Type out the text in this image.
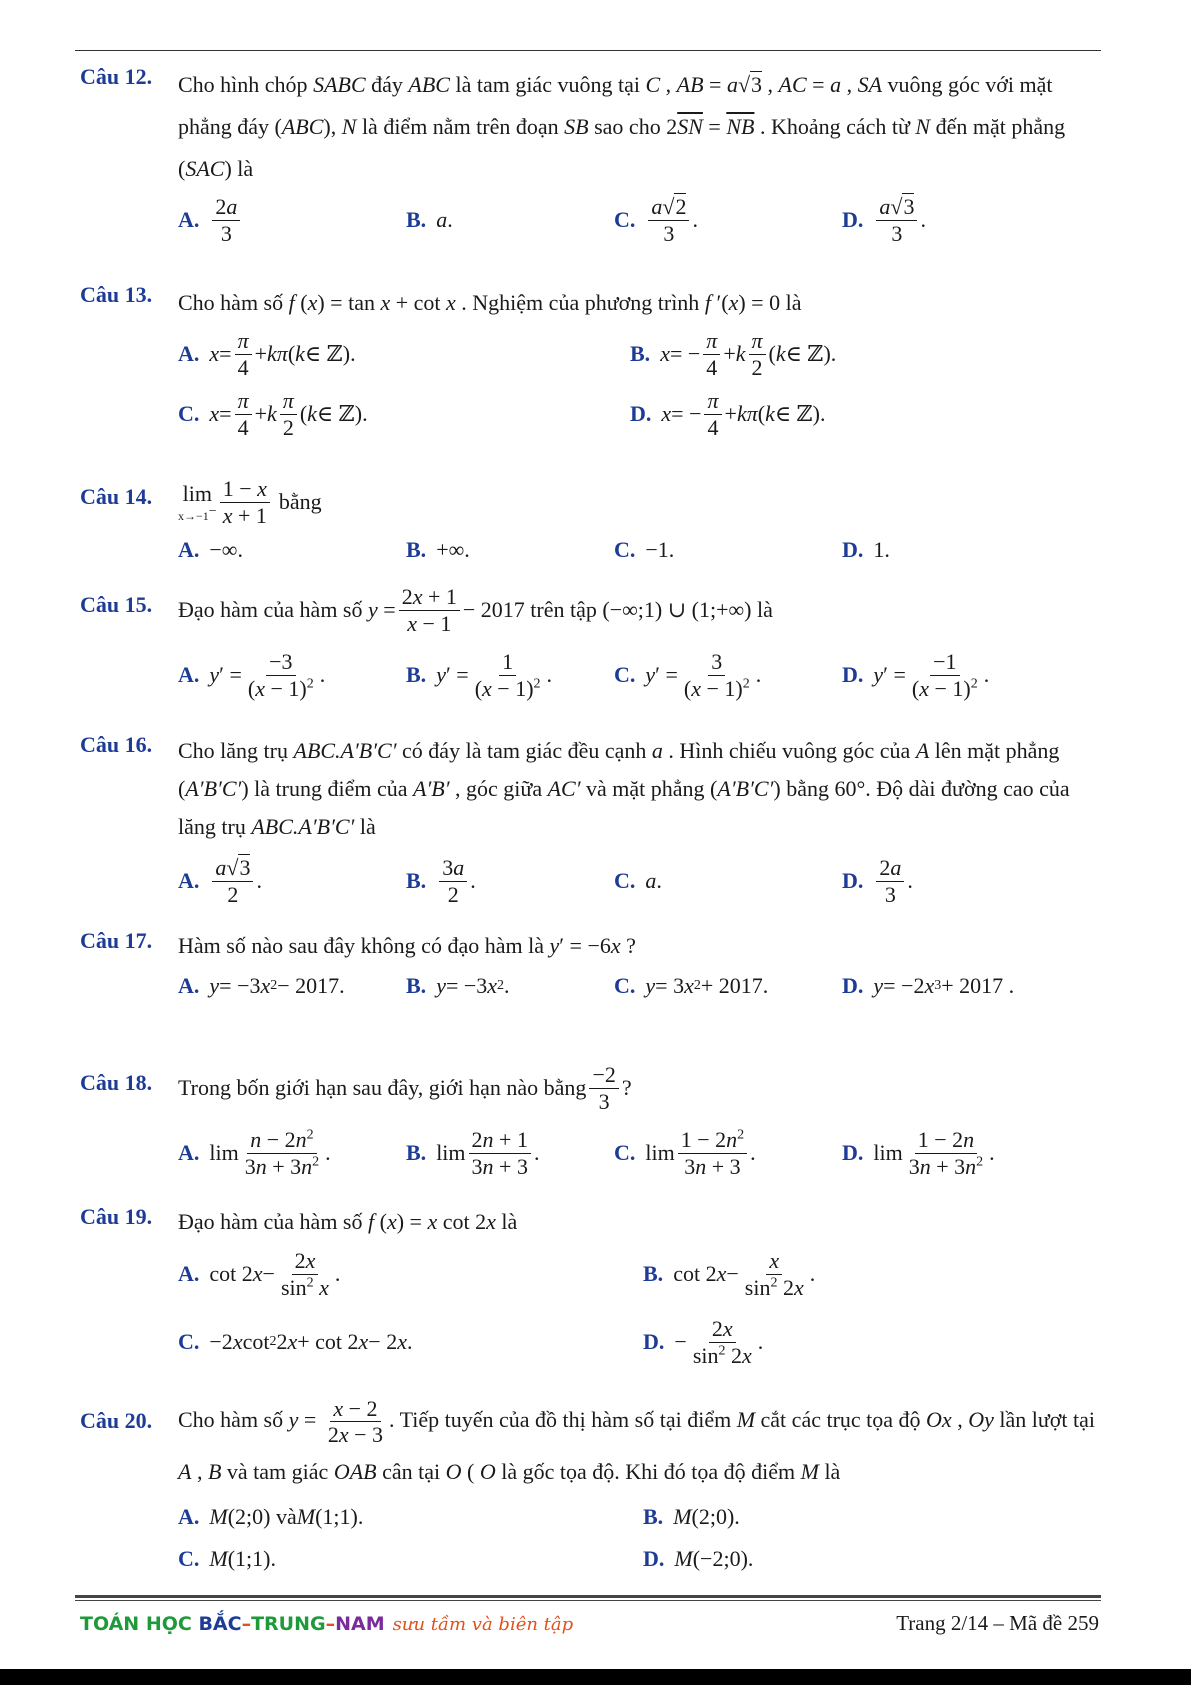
Câu 12. Cho hình chóp SABC đáy ABC là tam giác vuông tại C , AB = a√3 , AC = a , SA vuông góc với mặt phẳng đáy (ABC), N là điểm nằm trên đoạn SB sao cho $2\overline{SN} = \overline{NB}$ . Khoảng cách từ N đến mặt phẳng (SAC) là
A. $\frac{2a}{3}$	B. a .	C. $\frac{a√2}{3}$ .	D. $\frac{a√3}{3}$ .
Câu 13. Cho hàm số f (x) = tan x + cot x . Nghiệm của phương trình f ′(x) = 0 là
A. $x = \frac{\pi}{4} + k\pi$ ( k ∈ ℤ).	B. x = − $\frac{\pi}{4} + k \frac{\pi}{2}$ ( k ∈ ℤ).
C. $x = \frac{\pi}{4} + k \frac{\pi}{2}$ ( k ∈ ℤ).	D. x = − $\frac{\pi}{4} + k\pi$ ( k ∈ ℤ).
Câu 14. lim
$x\to-1^- \frac{1 - x}{x + 1}$ bằng
A. −∞.	B. +∞.	C. −1.	D. 1.
Câu 15. Đạo hàm của hàm số $y = \frac{2x + 1}{x - 1} - 2017$ trên tập (−∞;1) ∪ (1;+∞) là
A. y ′ = $\frac{-3}{(x - 1)^2}$ .	B. y ′ = $\frac{1}{(x - 1)^2}$ .	C. y ′ = $\frac{3}{(x - 1)^2}$ .	D. y ′ = $\frac{-1}{(x - 1)^2}$ .
Câu 16. Cho lăng trụ ABC.A′B′C′ có đáy là tam giác đều cạnh a . Hình chiếu vuông góc của A lên mặt phẳng (A′B′C′) là trung điểm của A′B′ , góc giữa AC′ và mặt phẳng (A′B′C′) bằng 60°. Độ dài đường cao của lăng trụ ABC.A′B′C′ là
A. $\frac{a√3}{2}$ .	B. $\frac{3a}{2}$ .	C. a .	D. $\frac{2a}{3}$ .
Câu 17. Hàm số nào sau đây không có đạo hàm là y′ = −6x ?
A. y = −3 x 2 − 2017.	B. y = −3 x 2 .	C. y = 3 x 2 + 2017.	D. y = −2 x 3 + 2017 .
Câu 18. Trong bốn giới hạn sau đây, giới hạn nào bằng $\frac{-2}{3}$ ?
A. $\lim \frac{n - 2n^2}{3n + 3n^2}$ .	B. $\lim \frac{2n + 1}{3n + 3}$ .	C. $\lim \frac{1 - 2n^2}{3n + 3}$ .	D. $\lim \frac{1 - 2n}{3n + 3n^2}$ .
Câu 19. Đạo hàm của hàm số f (x) = x cot 2x là
A. cot 2 $x - \frac{2x}{\sin^2 x}$ .	B. cot 2 $x - \frac{x}{\sin^2 2x}$ .
C. −2 x cot 2 2 x + cot 2 x − 2 x .	D. − $\frac{2x}{\sin^2 2x}$ .
Câu 20. Cho hàm số $y = \frac{x - 2}{2x - 3}$ . Tiếp tuyến của đồ thị hàm số tại điểm M cắt các trục tọa độ Ox , Oy lần lượt tại A , B và tam giác OAB cân tại O ( O là gốc tọa độ. Khi đó tọa độ điểm M là
A. M (2;0) và M (1;1).	B. M (2;0).
C. M (1;1).	D. M (−2;0).
TOÁN HỌC BẮC–TRUNG–NAM sưu tầm và biên tập	Trang 2/14 – Mã đề 259
